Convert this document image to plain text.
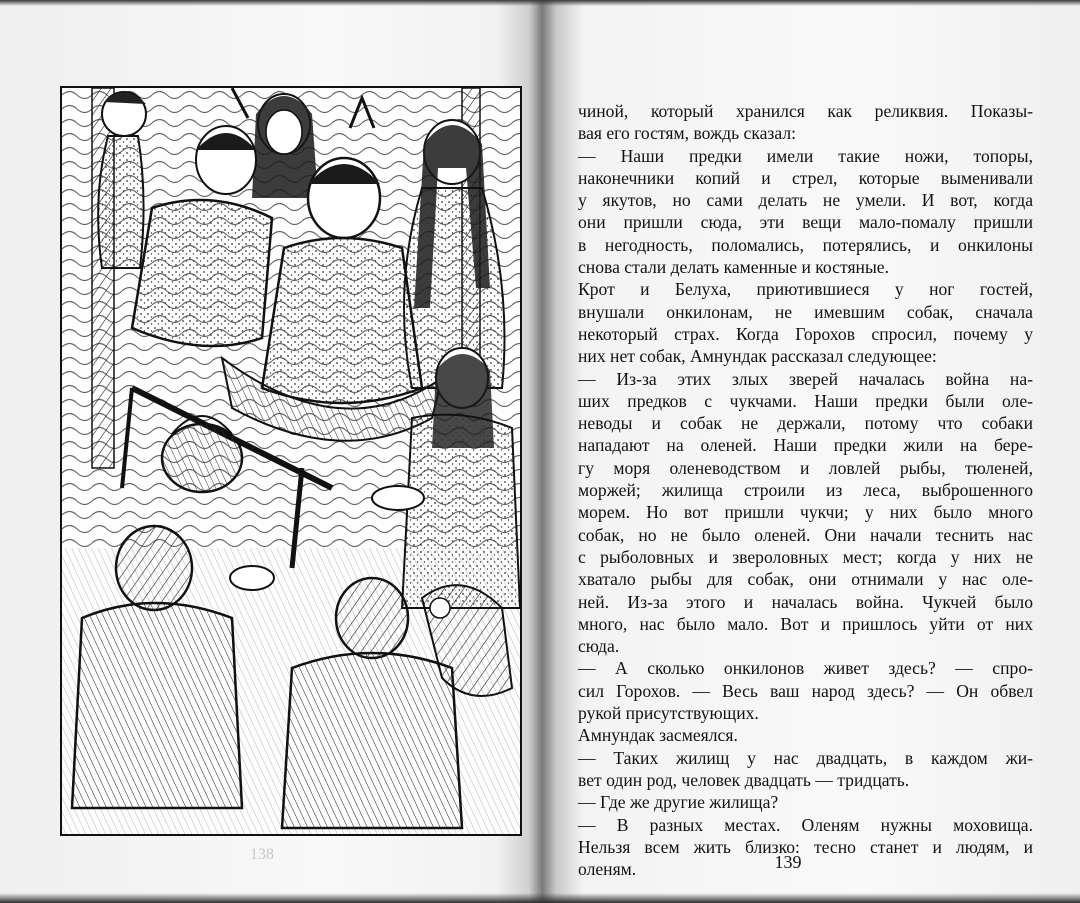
138
чиной, который хранился как реликвия. Показы-
вая его гостям, вождь сказал:
— Наши предки имели такие ножи, топоры,
наконечники копий и стрел, которые выменивали
у якутов, но сами делать не умели. И вот, когда
они пришли сюда, эти вещи мало-помалу пришли
в негодность, поломались, потерялись, и онкилоны
снова стали делать каменные и костяные.
Крот и Белуха, приютившиеся у ног гостей,
внушали онкилонам, не имевшим собак, сначала
некоторый страх. Когда Горохов спросил, почему у
них нет собак, Амнундак рассказал следующее:
— Из-за этих злых зверей началась война на-
ших предков с чукчами. Наши предки были оле-
неводы и собак не держали, потому что собаки
нападают на оленей. Наши предки жили на бере-
гу моря оленеводством и ловлей рыбы, тюленей,
моржей; жилища строили из леса, выброшенного
морем. Но вот пришли чукчи; у них было много
собак, но не было оленей. Они начали теснить нас
с рыболовных и звероловных мест; когда у них не
хватало рыбы для собак, они отнимали у нас оле-
ней. Из-за этого и началась война. Чукчей было
много, нас было мало. Вот и пришлось уйти от них
сюда.
— А сколько онкилонов живет здесь? — спро-
сил Горохов. — Весь ваш народ здесь? — Он обвел
рукой присутствующих.
Амнундак засмеялся.
— Таких жилищ у нас двадцать, в каждом жи-
вет один род, человек двадцать — тридцать.
— Где же другие жилища?
— В разных местах. Оленям нужны моховища.
Нельзя всем жить близко: тесно станет и людям, и
оленям.	139
